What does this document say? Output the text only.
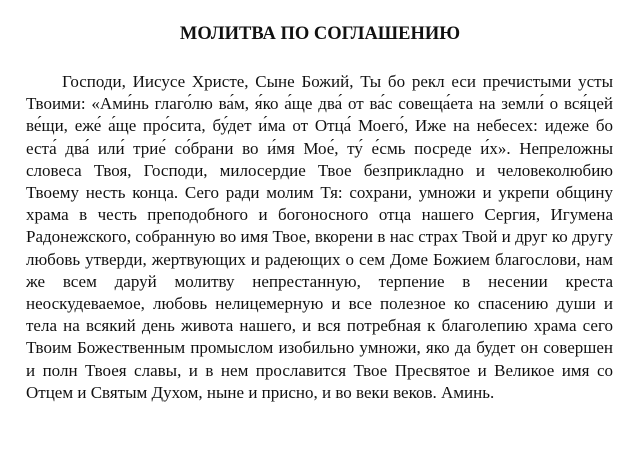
МОЛИТВА ПО СОГЛАШЕНИЮ

Господи, Иисусе Христе, Сыне Божий, Ты бо рекл еси пречистыми усты Твоими: «Ами́нь глаго́лю ва́м, я́ко а́ще два́ от ва́с совеща́ета на земли́ о вся́цей ве́щи, еже́ а́ще про́сита, бу́дет и́ма от Отца́ Моего́, Иже на небесех: идеже бо еста́ два́ или́ трие́ со́брани во и́мя Мое́, ту́ е́смь посреде и́х». Непреложны словеса Твоя, Господи, милосердие Твое безприкладно и человеколюбию Твоему несть конца. Сего ради молим Тя: сохрани, умножи и укрепи общину храма в честь преподобного и богоносного отца нашего Сергия, Игумена Радонежского, собранную во имя Твое, вкорени в нас страх Твой и друг ко другу любовь утверди, жертвующих и радеющих о сем Доме Божием благослови, нам же всем даруй молитву непрестанную, терпение в несении креста неоскудеваемое, любовь нелицемерную и все полезное ко спасению души и тела на всякий день живота нашего, и вся потребная к благолепию храма сего Твоим Божественным промыслом изобильно умножи, яко да будет он совершен и полн Твоея славы, и в нем прославится Твое Пресвятое и Великое имя со Отцем и Святым Духом, ныне и присно, и во веки веков. Аминь.
